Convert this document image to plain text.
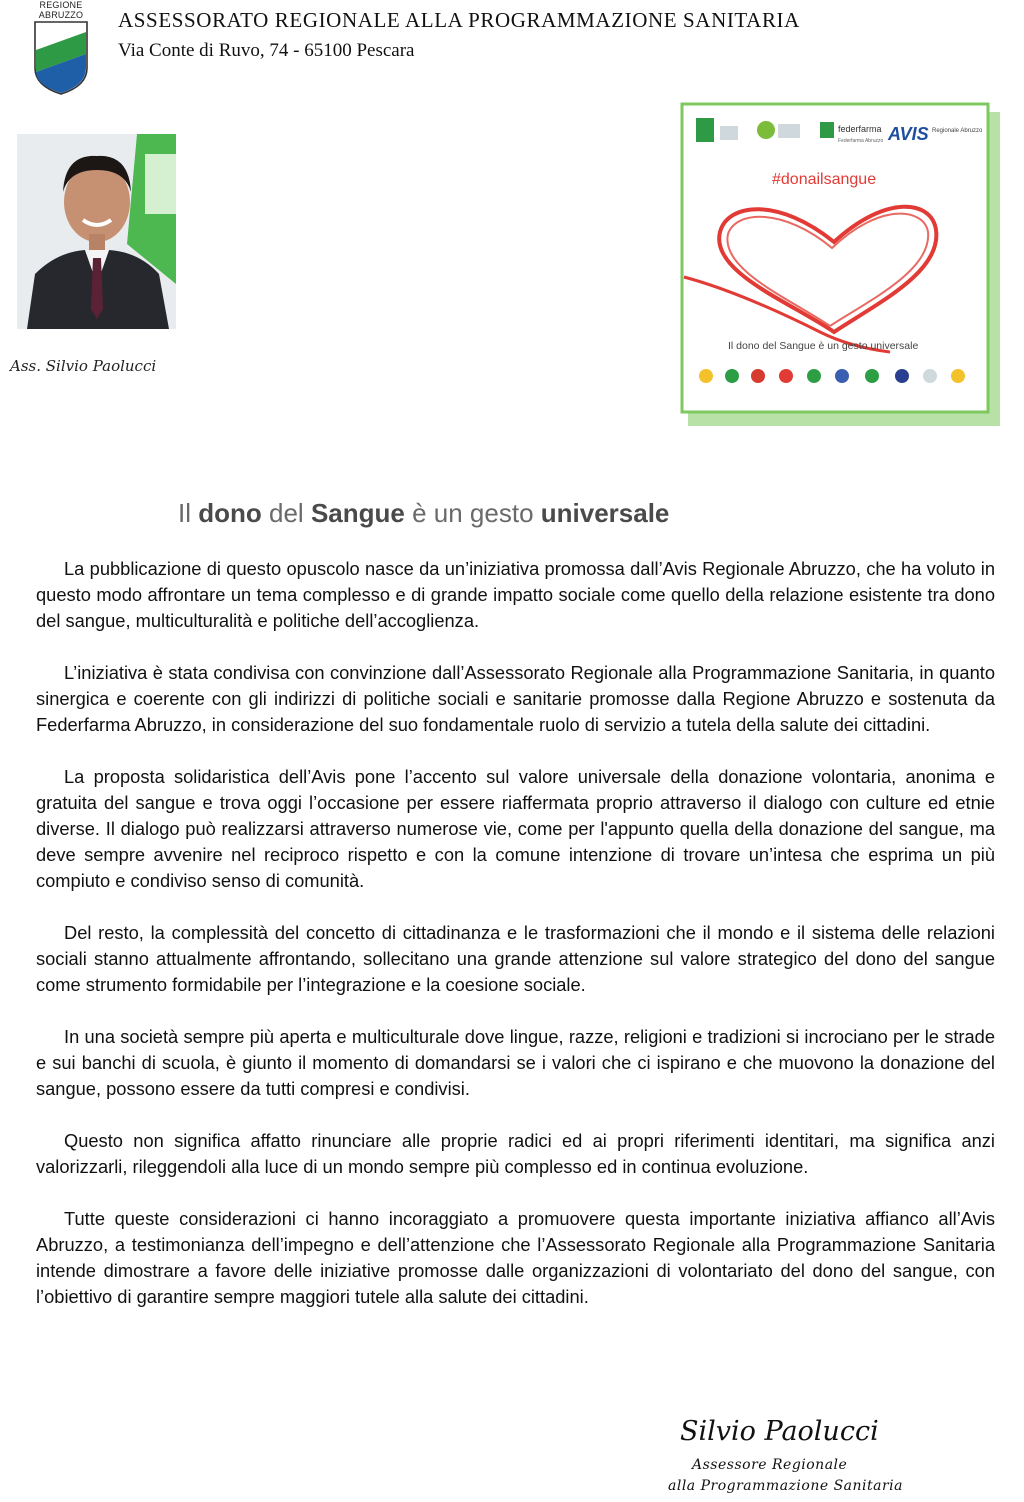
REGIONE
ABRUZZO	ASSESSORATO REGIONALE ALLA PROGRAMMAZIONE SANITARIA
Via Conte di Ruvo, 74 - 65100 Pescara
Ass. Silvio Paolucci
federfarma
Federfarma Abruzzo AVIS Regionale Abruzzo
#donailsangue
Il dono del Sangue è un gesto universale
Il dono del Sangue è un gesto universale

La pubblicazione di questo opuscolo nasce da un’iniziativa promossa dall’Avis Regionale Abruzzo, che ha voluto in questo modo affrontare un tema complesso e di grande impatto sociale come quello della relazione esistente tra dono del sangue, multiculturalità e politiche dell’accoglienza.

L’iniziativa è stata condivisa con convinzione dall’Assessorato Regionale alla Programmazione Sanitaria, in quanto sinergica e coerente con gli indirizzi di politiche sociali e sanitarie promosse dalla Regione Abruzzo e sostenuta da Federfarma Abruzzo, in considerazione del suo fondamentale ruolo di servizio a tutela della salute dei cittadini.

La proposta solidaristica dell’Avis pone l’accento sul valore universale della donazione volontaria, anonima e gratuita del sangue e trova oggi l’occasione per essere riaffermata proprio attraverso il dialogo con culture ed etnie diverse. Il dialogo può realizzarsi attraverso numerose vie, come per l'appunto quella della donazione del sangue, ma deve sempre avvenire nel reciproco rispetto e con la comune intenzione di trovare un’intesa che esprima un più compiuto e condiviso senso di comunità.

Del resto, la complessità del concetto di cittadinanza e le trasformazioni che il mondo e il sistema delle relazioni sociali stanno attualmente affrontando, sollecitano una grande attenzione sul valore strategico del dono del sangue come strumento formidabile per l’integrazione e la coesione sociale.

In una società sempre più aperta e multiculturale dove lingue, razze, religioni e tradizioni si incrociano per le strade e sui banchi di scuola, è giunto il momento di domandarsi se i valori che ci ispirano e che muovono la donazione del sangue, possono essere da tutti compresi e condivisi.

Questo non significa affatto rinunciare alle proprie radici ed ai propri riferimenti identitari, ma significa anzi valorizzarli, rileggendoli alla luce di un mondo sempre più complesso ed in continua evoluzione.

Tutte queste considerazioni ci hanno incoraggiato a promuovere questa importante iniziativa affianco all’Avis Abruzzo, a testimonianza dell’impegno e dell’attenzione che l’Assessorato Regionale alla Programmazione Sanitaria intende dimostrare a favore delle iniziative promosse dalle organizzazioni di volontariato del dono del sangue, con l’obiettivo di garantire sempre maggiori tutele alla salute dei cittadini.

Silvio Paolucci
Assessore Regionale
alla Programmazione Sanitaria
